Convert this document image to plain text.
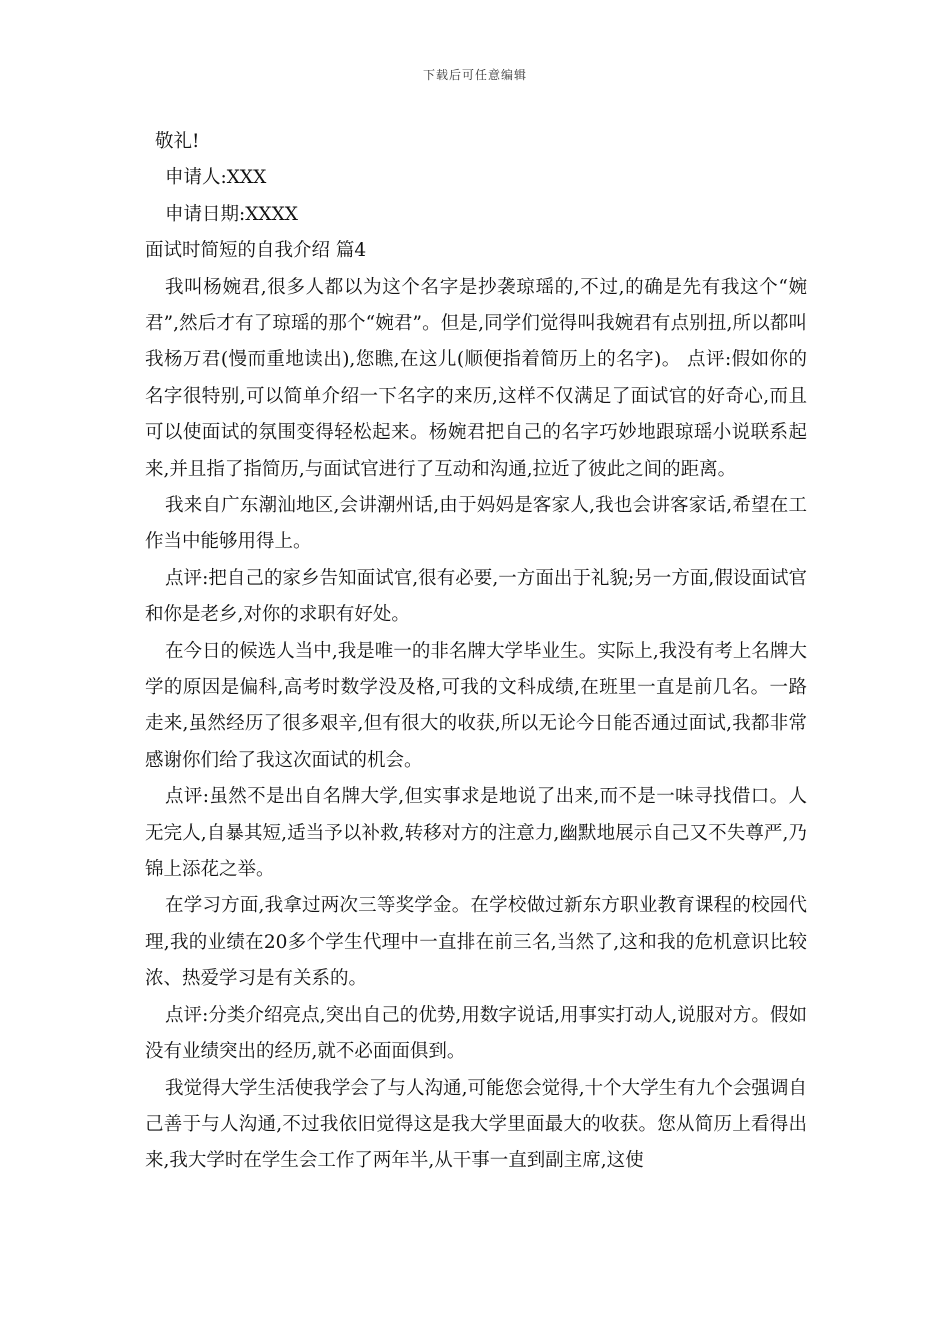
下载后可任意编辑
敬礼!
申请人:XXX
申请日期:XXXX
面试时简短的自我介绍 篇4

我叫杨婉君,很多人都以为这个名字是抄袭琼瑶的,不过,的确是先有我这个“婉君”,然后才有了琼瑶的那个“婉君”。但是,同学们觉得叫我婉君有点别扭,所以都叫我杨万君(慢而重地读出),您瞧,在这儿(顺便指着简历上的名字)。 点评:假如你的名字很特别,可以简单介绍一下名字的来历,这样不仅满足了面试官的好奇心,而且可以使面试的氛围变得轻松起来。杨婉君把自己的名字巧妙地跟琼瑶小说联系起来,并且指了指简历,与面试官进行了互动和沟通,拉近了彼此之间的距离。

我来自广东潮汕地区,会讲潮州话,由于妈妈是客家人,我也会讲客家话,希望在工作当中能够用得上。

点评:把自己的家乡告知面试官,很有必要,一方面出于礼貌;另一方面,假设面试官和你是老乡,对你的求职有好处。

在今日的候选人当中,我是唯一的非名牌大学毕业生。实际上,我没有考上名牌大学的原因是偏科,高考时数学没及格,可我的文科成绩,在班里一直是前几名。一路走来,虽然经历了很多艰辛,但有很大的收获,所以无论今日能否通过面试,我都非常感谢你们给了我这次面试的机会。

点评:虽然不是出自名牌大学,但实事求是地说了出来,而不是一味寻找借口。人无完人,自暴其短,适当予以补救,转移对方的注意力,幽默地展示自己又不失尊严,乃锦上添花之举。

在学习方面,我拿过两次三等奖学金。在学校做过新东方职业教育课程的校园代理,我的业绩在20多个学生代理中一直排在前三名,当然了,这和我的危机意识比较浓、热爱学习是有关系的。

点评:分类介绍亮点,突出自己的优势,用数字说话,用事实打动人,说服对方。假如没有业绩突出的经历,就不必面面俱到。

我觉得大学生活使我学会了与人沟通,可能您会觉得,十个大学生有九个会强调自己善于与人沟通,不过我依旧觉得这是我大学里面最大的收获。您从简历上看得出来,我大学时在学生会工作了两年半,从干事一直到副主席,这使
